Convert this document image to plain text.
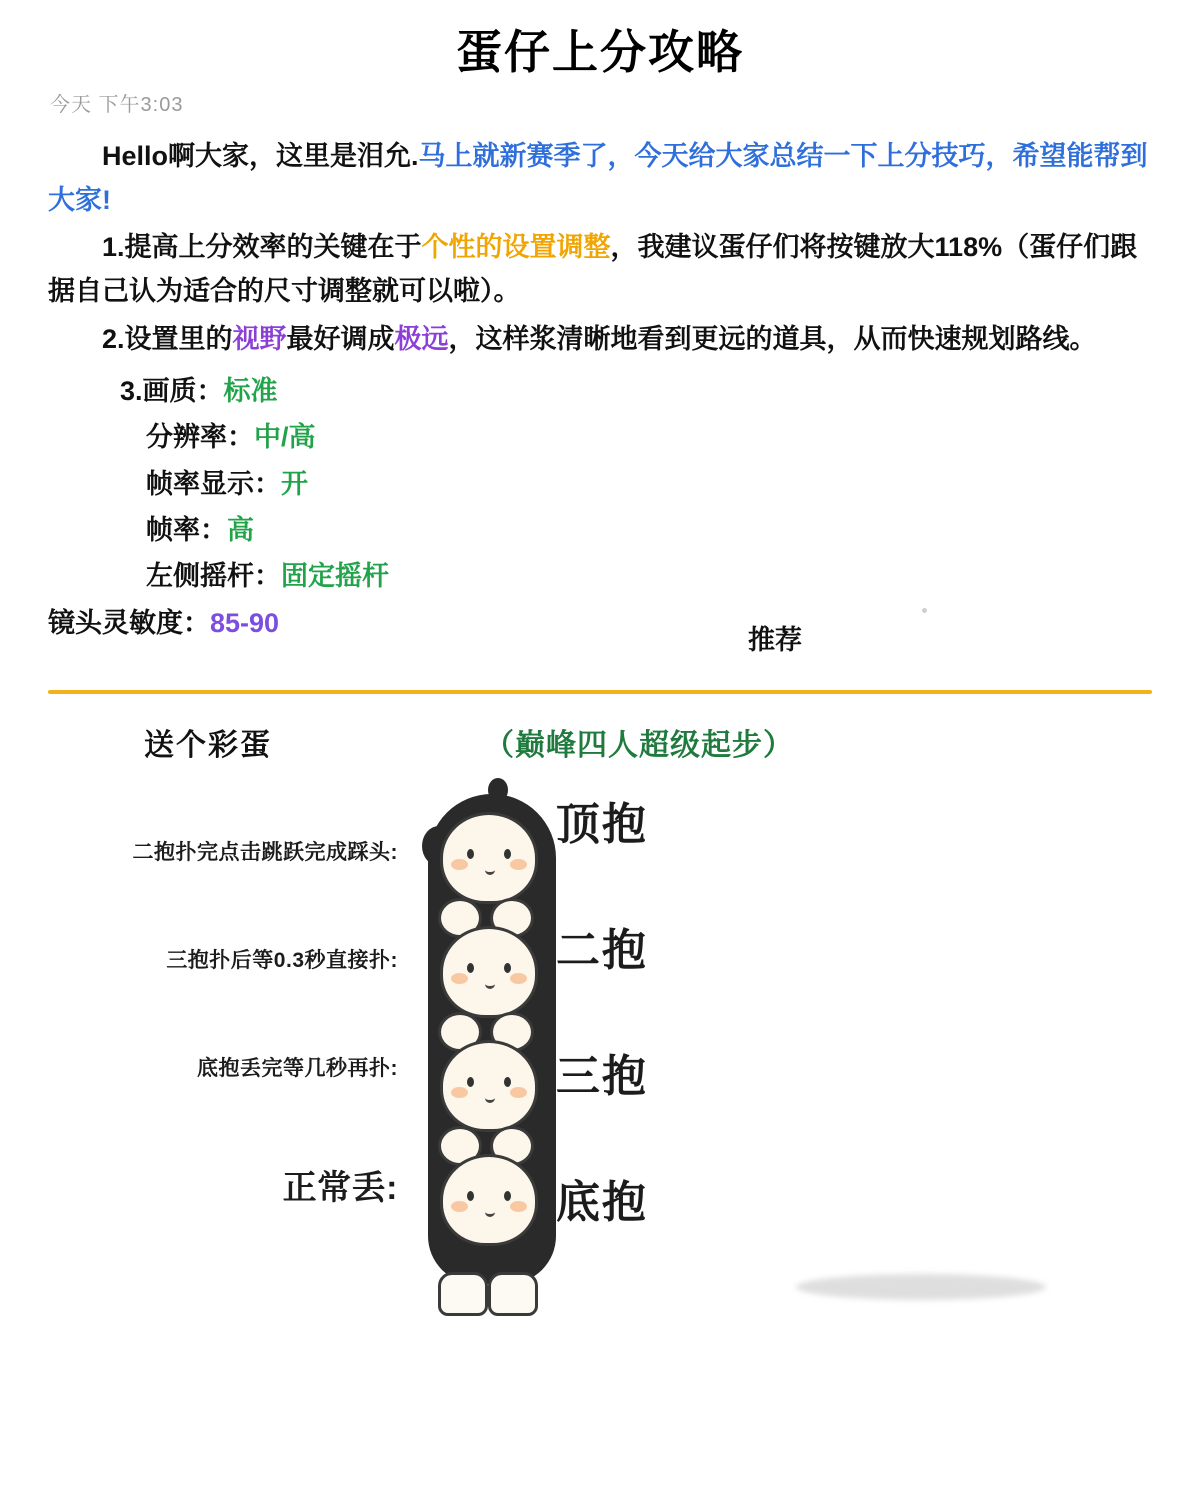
蛋仔上分攻略
今天 下午3:03

Hello啊大家，这里是泪允.马上就新赛季了，今天给大家总结一下上分技巧，希望能帮到大家!

1.提高上分效率的关键在于个性的设置调整，我建议蛋仔们将按键放大118%（蛋仔们跟据自己认为适合的尺寸调整就可以啦）。

2.设置里的视野最好调成极远，这样浆清晰地看到更远的道具，从而快速规划路线。

3.画质：标准
分辨率：中/高
帧率显示：开
帧率：高
左侧摇杆：固定摇杆
镜头灵敏度：85-90
推荐
送个彩蛋	（巅峰四人超级起步）
二抱扑完点击跳跃完成踩头:
三抱扑后等0.3秒直接扑:
底抱丢完等几秒再扑:
正常丢:
顶抱
二抱
三抱
底抱
